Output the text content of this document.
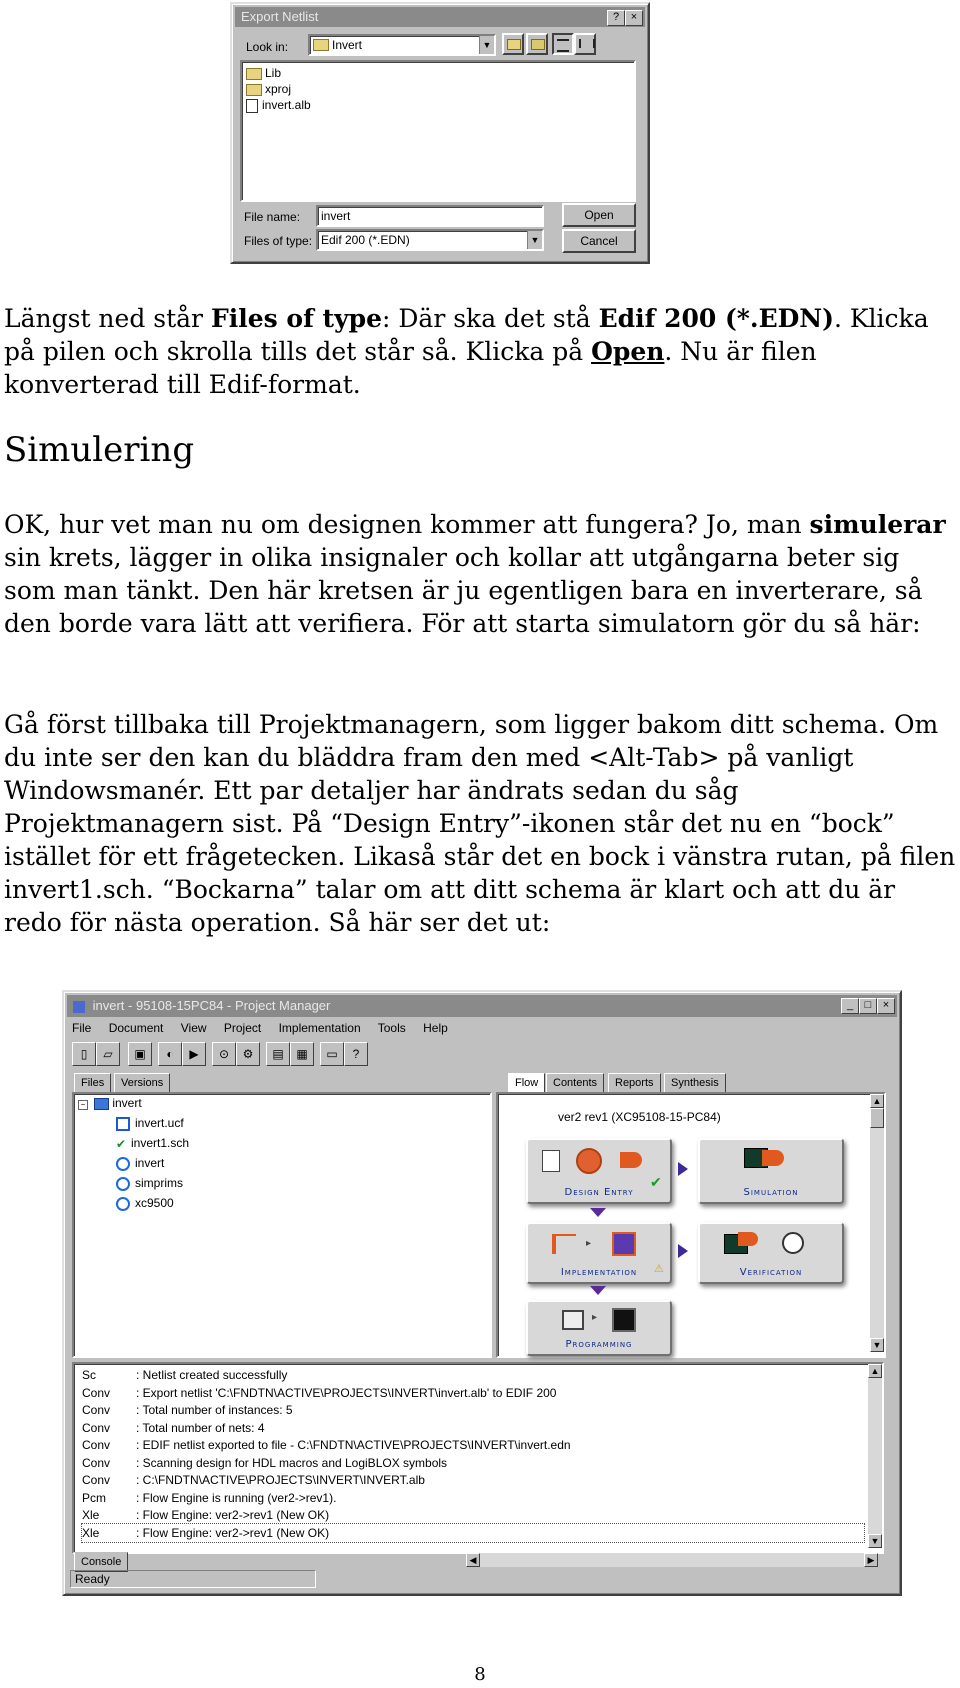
Export Netlist	?	×
Look in:	Invert	▼
Lib
xproj
invert.alb
File name: invert
Files of type: Edif 200 (*.EDN)	▼
Open
Cancel
Längst ned står Files of type: Där ska det stå Edif 200 (*.EDN). Klicka på pilen och skrolla tills det står så. Klicka på Open. Nu är filen konverterad till Edif-format.
Simulering
OK, hur vet man nu om designen kommer att fungera? Jo, man simulerar sin krets, lägger in olika insignaler och kollar att utgångarna beter sig som man tänkt. Den här kretsen är ju egentligen bara en inverterare, så den borde vara lätt att verifiera. För att starta simulatorn gör du så här:
Gå först tillbaka till Projektmanagern, som ligger bakom ditt schema. Om du inte ser den kan du bläddra fram den med <Alt-Tab> på vanligt Windowsmanér. Ett par detaljer har ändrats sedan du såg Projektmanagern sist. På “Design Entry”-ikonen står det nu en “bock” istället för ett frågetecken. Likaså står det en bock i vänstra rutan, på filen invert1.sch. “Bockarna” talar om att ditt schema är klart och att du är redo för nästa operation. Så här ser det ut:
invert - 95108-15PC84 - Project Manager	_	□	×
File Document View Project Implementation Tools Help
▯	▱	▣	◐	▶	⊙	⚙	▤	▦	▭	?
Files	Versions
− invert
invert.ucf
✔ invert1.sch
invert
simprims
xc9500
Flow	Contents	Reports	Synthesis
ver2 rev1 (XC95108-15-PC84)
✔
Design Entry	Simulation
▸
⚠
Implementation	Verification
▸
Programming
▲
▼
Sc	: Netlist created successfully
Conv : Export netlist 'C:\FNDTN\ACTIVE\PROJECTS\INVERT\invert.alb' to EDIF 200
Conv : Total number of instances: 5
Conv : Total number of nets: 4
Conv : EDIF netlist exported to file - C:\FNDTN\ACTIVE\PROJECTS\INVERT\invert.edn
Conv : Scanning design for HDL macros and LogiBLOX symbols
Conv : C:\FNDTN\ACTIVE\PROJECTS\INVERT\INVERT.alb
Pcm	: Flow Engine is running (ver2->rev1).
Xle	: Flow Engine: ver2->rev1 (New OK)
Xle	: Flow Engine: ver2->rev1 (New OK)
▲
▼
Console	◀	▶
Ready
8
